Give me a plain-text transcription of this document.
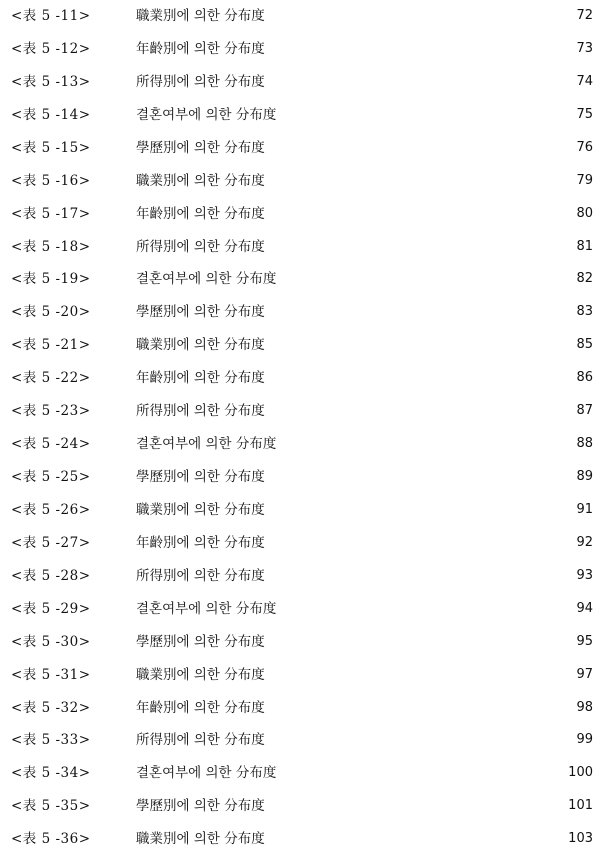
<表 5 -11>	職業別에 의한 分布度	72
<表 5 -12>	年齡別에 의한 分布度	73
<表 5 -13>	所得別에 의한 分布度	74
<表 5 -14>	결혼여부에 의한 分布度	75
<表 5 -15>	學歷別에 의한 分布度	76
<表 5 -16>	職業別에 의한 分布度	79
<表 5 -17>	年齡別에 의한 分布度	80
<表 5 -18>	所得別에 의한 分布度	81
<表 5 -19>	결혼여부에 의한 分布度	82
<表 5 -20>	學歷別에 의한 分布度	83
<表 5 -21>	職業別에 의한 分布度	85
<表 5 -22>	年齡別에 의한 分布度	86
<表 5 -23>	所得別에 의한 分布度	87
<表 5 -24>	결혼여부에 의한 分布度	88
<表 5 -25>	學歷別에 의한 分布度	89
<表 5 -26>	職業別에 의한 分布度	91
<表 5 -27>	年齡別에 의한 分布度	92
<表 5 -28>	所得別에 의한 分布度	93
<表 5 -29>	결혼여부에 의한 分布度	94
<表 5 -30>	學歷別에 의한 分布度	95
<表 5 -31>	職業別에 의한 分布度	97
<表 5 -32>	年齡別에 의한 分布度	98
<表 5 -33>	所得別에 의한 分布度	99
<表 5 -34>	결혼여부에 의한 分布度	100
<表 5 -35>	學歷別에 의한 分布度	101
<表 5 -36>	職業別에 의한 分布度	103
